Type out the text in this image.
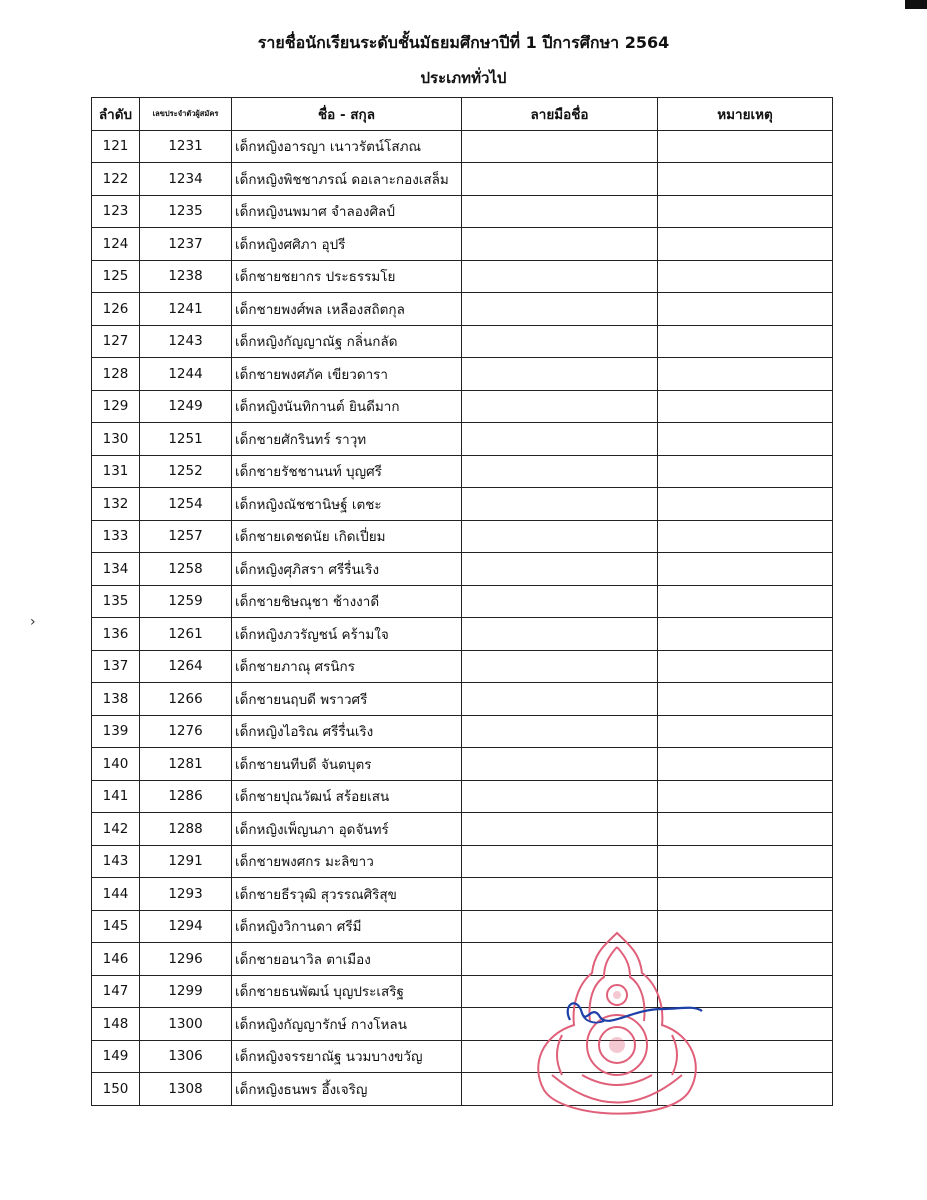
›
รายชื่อนักเรียนระดับชั้นมัธยมศึกษาปีที่ 1 ปีการศึกษา 2564
ประเภททั่วไป
ลำดับ	เลขประจำตัวผู้สมัคร	ชื่อ - สกุล	ลายมือชื่อ	หมายเหตุ
121	1231	เด็กหญิงอารญา เนาวรัตน์โสภณ		
122	1234	เด็กหญิงพิชชาภรณ์ ดอเลาะกองเสล็ม		
123	1235	เด็กหญิงนพมาศ จำลองศิลป์		
124	1237	เด็กหญิงศศิภา อุปรี		
125	1238	เด็กชายชยากร ประธรรมโย		
126	1241	เด็กชายพงศ์พล เหลืองสถิตกุล		
127	1243	เด็กหญิงกัญญาณัฐ กลิ่นกลัด		
128	1244	เด็กชายพงศภัค เขียวดารา		
129	1249	เด็กหญิงนันทิกานต์ ยินดีมาก		
130	1251	เด็กชายศักรินทร์ ราวุท		
131	1252	เด็กชายรัชชานนท์ บุญศรี		
132	1254	เด็กหญิงณัชชานิษฐ์ เตชะ		
133	1257	เด็กชายเดชดนัย เกิดเปี่ยม		
134	1258	เด็กหญิงศุภิสรา ศรีรื่นเริง		
135	1259	เด็กชายชิษณุชา ช้างงาดี		
136	1261	เด็กหญิงภวรัญชน์ คร้ามใจ		
137	1264	เด็กชายภาณุ ศรนิกร		
138	1266	เด็กชายนฤบดี พราวศรี		
139	1276	เด็กหญิงไอริณ ศรีรื่นเริง		
140	1281	เด็กชายนทีบดี จันตบุตร		
141	1286	เด็กชายปุณวัฒน์ สร้อยเสน		
142	1288	เด็กหญิงเพ็ญนภา อุดจันทร์		
143	1291	เด็กชายพงศกร มะลิขาว		
144	1293	เด็กชายธีรวุฒิ สุวรรณศิริสุข		
145	1294	เด็กหญิงวิกานดา ศรีมี		
146	1296	เด็กชายอนาวิล ตาเมือง		
147	1299	เด็กชายธนพัฒน์ บุญประเสริฐ		
148	1300	เด็กหญิงกัญญารักษ์ กางโหลน		
149	1306	เด็กหญิงจรรยาณัฐ นวมบางขวัญ		
150	1308	เด็กหญิงธนพร อึ้งเจริญ		
